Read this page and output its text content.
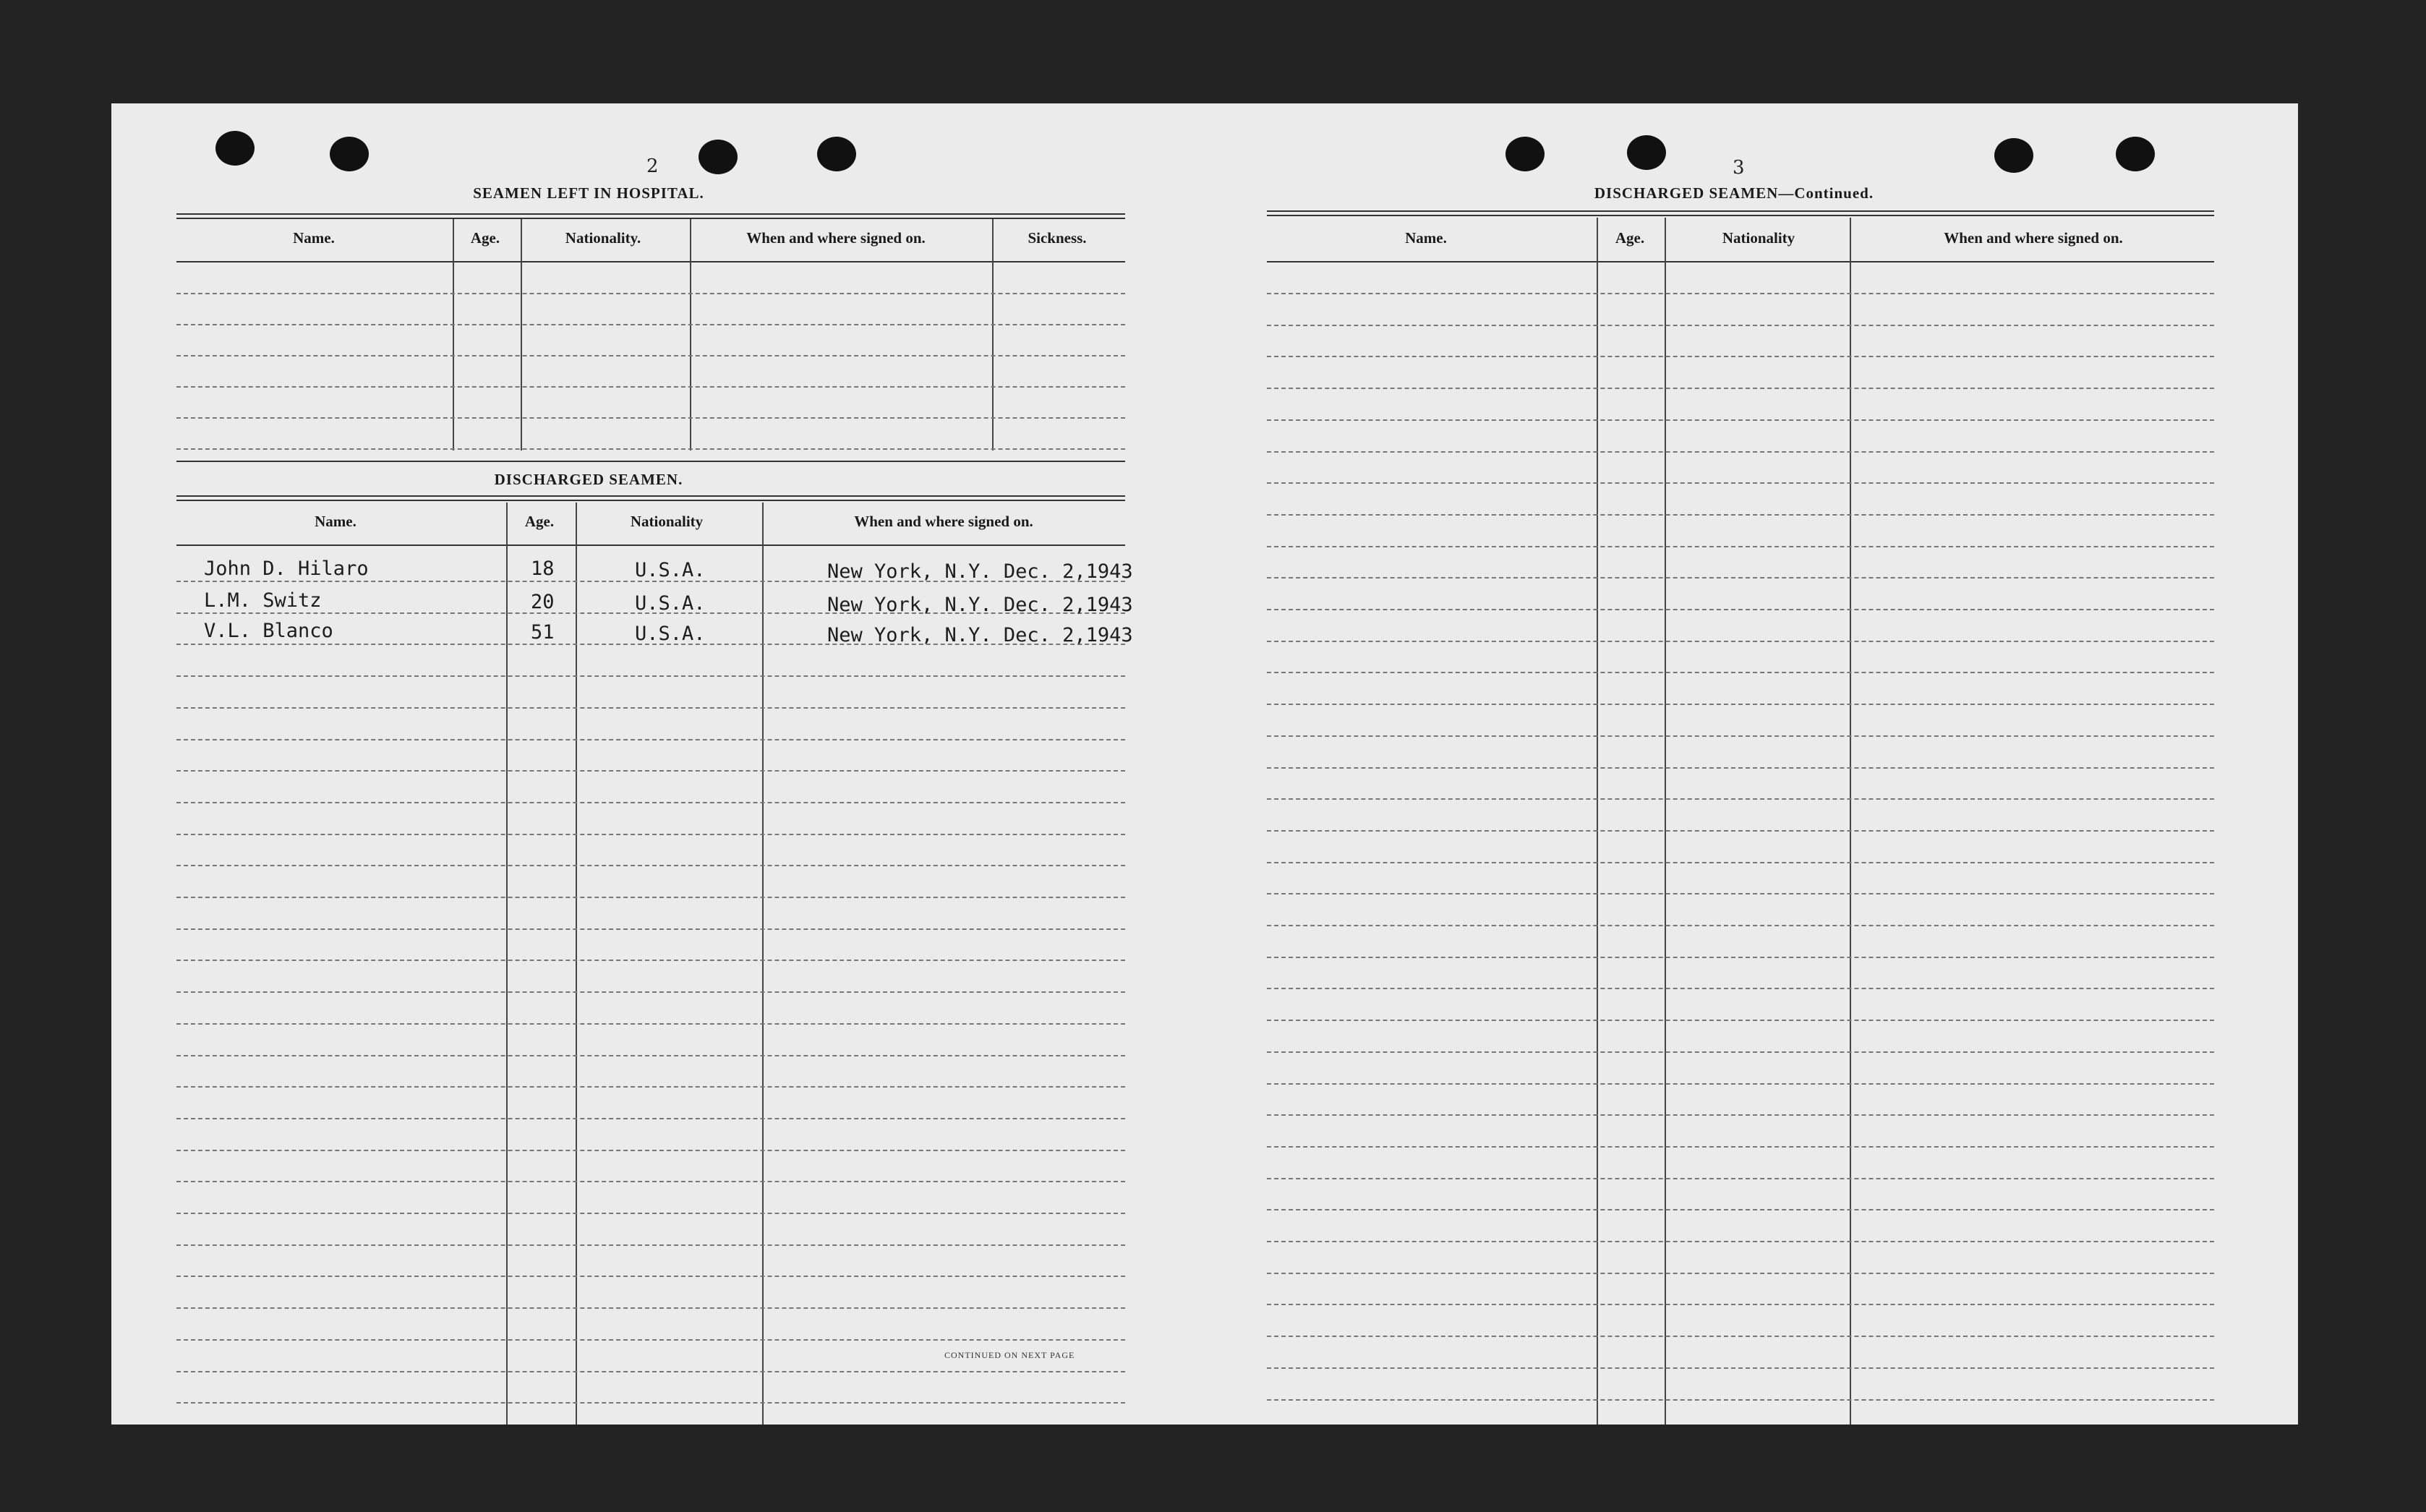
2
SEAMEN LEFT IN HOSPITAL.
Name.	Age.	Nationality.	When and where signed on.	Sickness.
DISCHARGED SEAMEN.
Name.	Age.	Nationality	When and where signed on.
John D. Hilaro	18	U.S.A.	New York, N.Y. Dec. 2,1943
L.M. Switz	20	U.S.A.	New York, N.Y. Dec. 2,1943
V.L. Blanco	51	U.S.A.	New York, N.Y. Dec. 2,1943
CONTINUED ON NEXT PAGE
3
DISCHARGED SEAMEN—Continued.
Name.	Age.	Nationality	When and where signed on.
